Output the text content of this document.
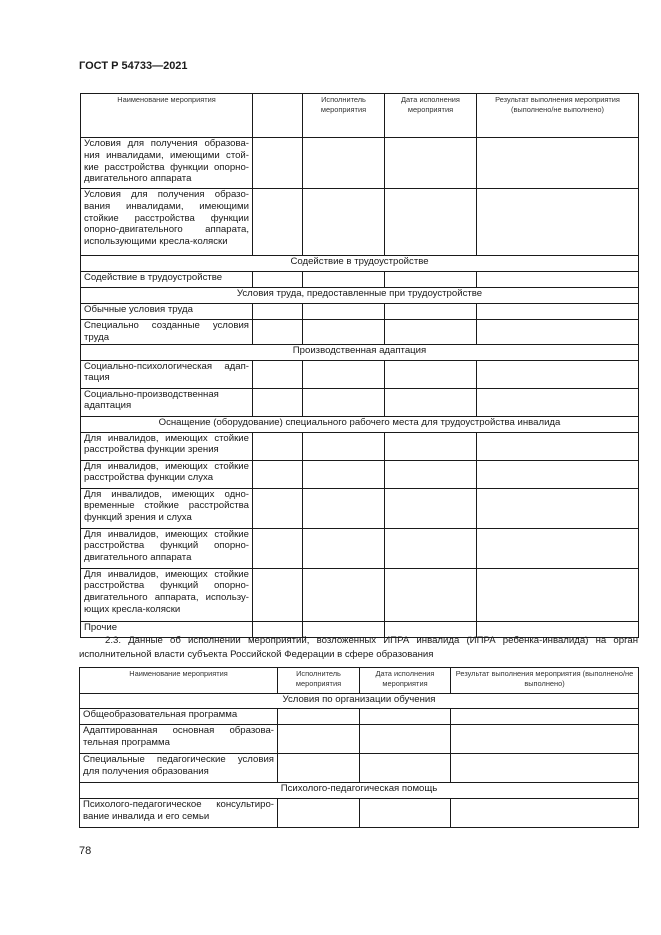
ГОСТ Р 54733—2021
Наименование мероприятия		Исполнитель мероприятия	Дата исполнения мероприятия	Результат выполнения мероприятия (выполнено/не выполнено)
Условия для получения образова-ния инвалидами, имеющими стой-кие расстройства функции опорно-двигательного аппарата				
Условия для получения образо-вания инвалидами, имеющими стойкие расстройства функции опорно-двигательного аппарата, использующими кресла-коляски				
Содействие в трудоустройстве				
Содействие в трудоустройстве				
Условия труда, предоставленные при трудоустройстве				
Обычные условия труда				
Специально созданные условия труда				
Производственная адаптация				
Социально-психологическая адап-тация				
Социально-производственная адаптация				
Оснащение (оборудование) специального рабочего места для трудоустройства инвалида				
Для инвалидов, имеющих стойкие расстройства функции зрения				
Для инвалидов, имеющих стойкие расстройства функции слуха				
Для инвалидов, имеющих одно-временные стойкие расстройства функций зрения и слуха				
Для инвалидов, имеющих стойкие расстройства функций опорно-двигательного аппарата				
Для инвалидов, имеющих стойкие расстройства функций опорно-двигательного аппарата, использу-ющих кресла-коляски				
Прочие				
2.3. Данные об исполнении мероприятий, возложенных ИПРА инвалида (ИПРА ребенка-инвалида) на орган исполнительной власти субъекта Российской Федерации в сфере образования
Наименование мероприятия	Исполнитель мероприятия	Дата исполнения мероприятия	Результат выполнения мероприятия (выполнено/не выполнено)
Условия по организации обучения			
Общеобразовательная программа			
Адаптированная основная образова-тельная программа			
Специальные педагогические условия для получения образования			
Психолого-педагогическая помощь			
Психолого-педагогическое консультиро-вание инвалида и его семьи			
78
